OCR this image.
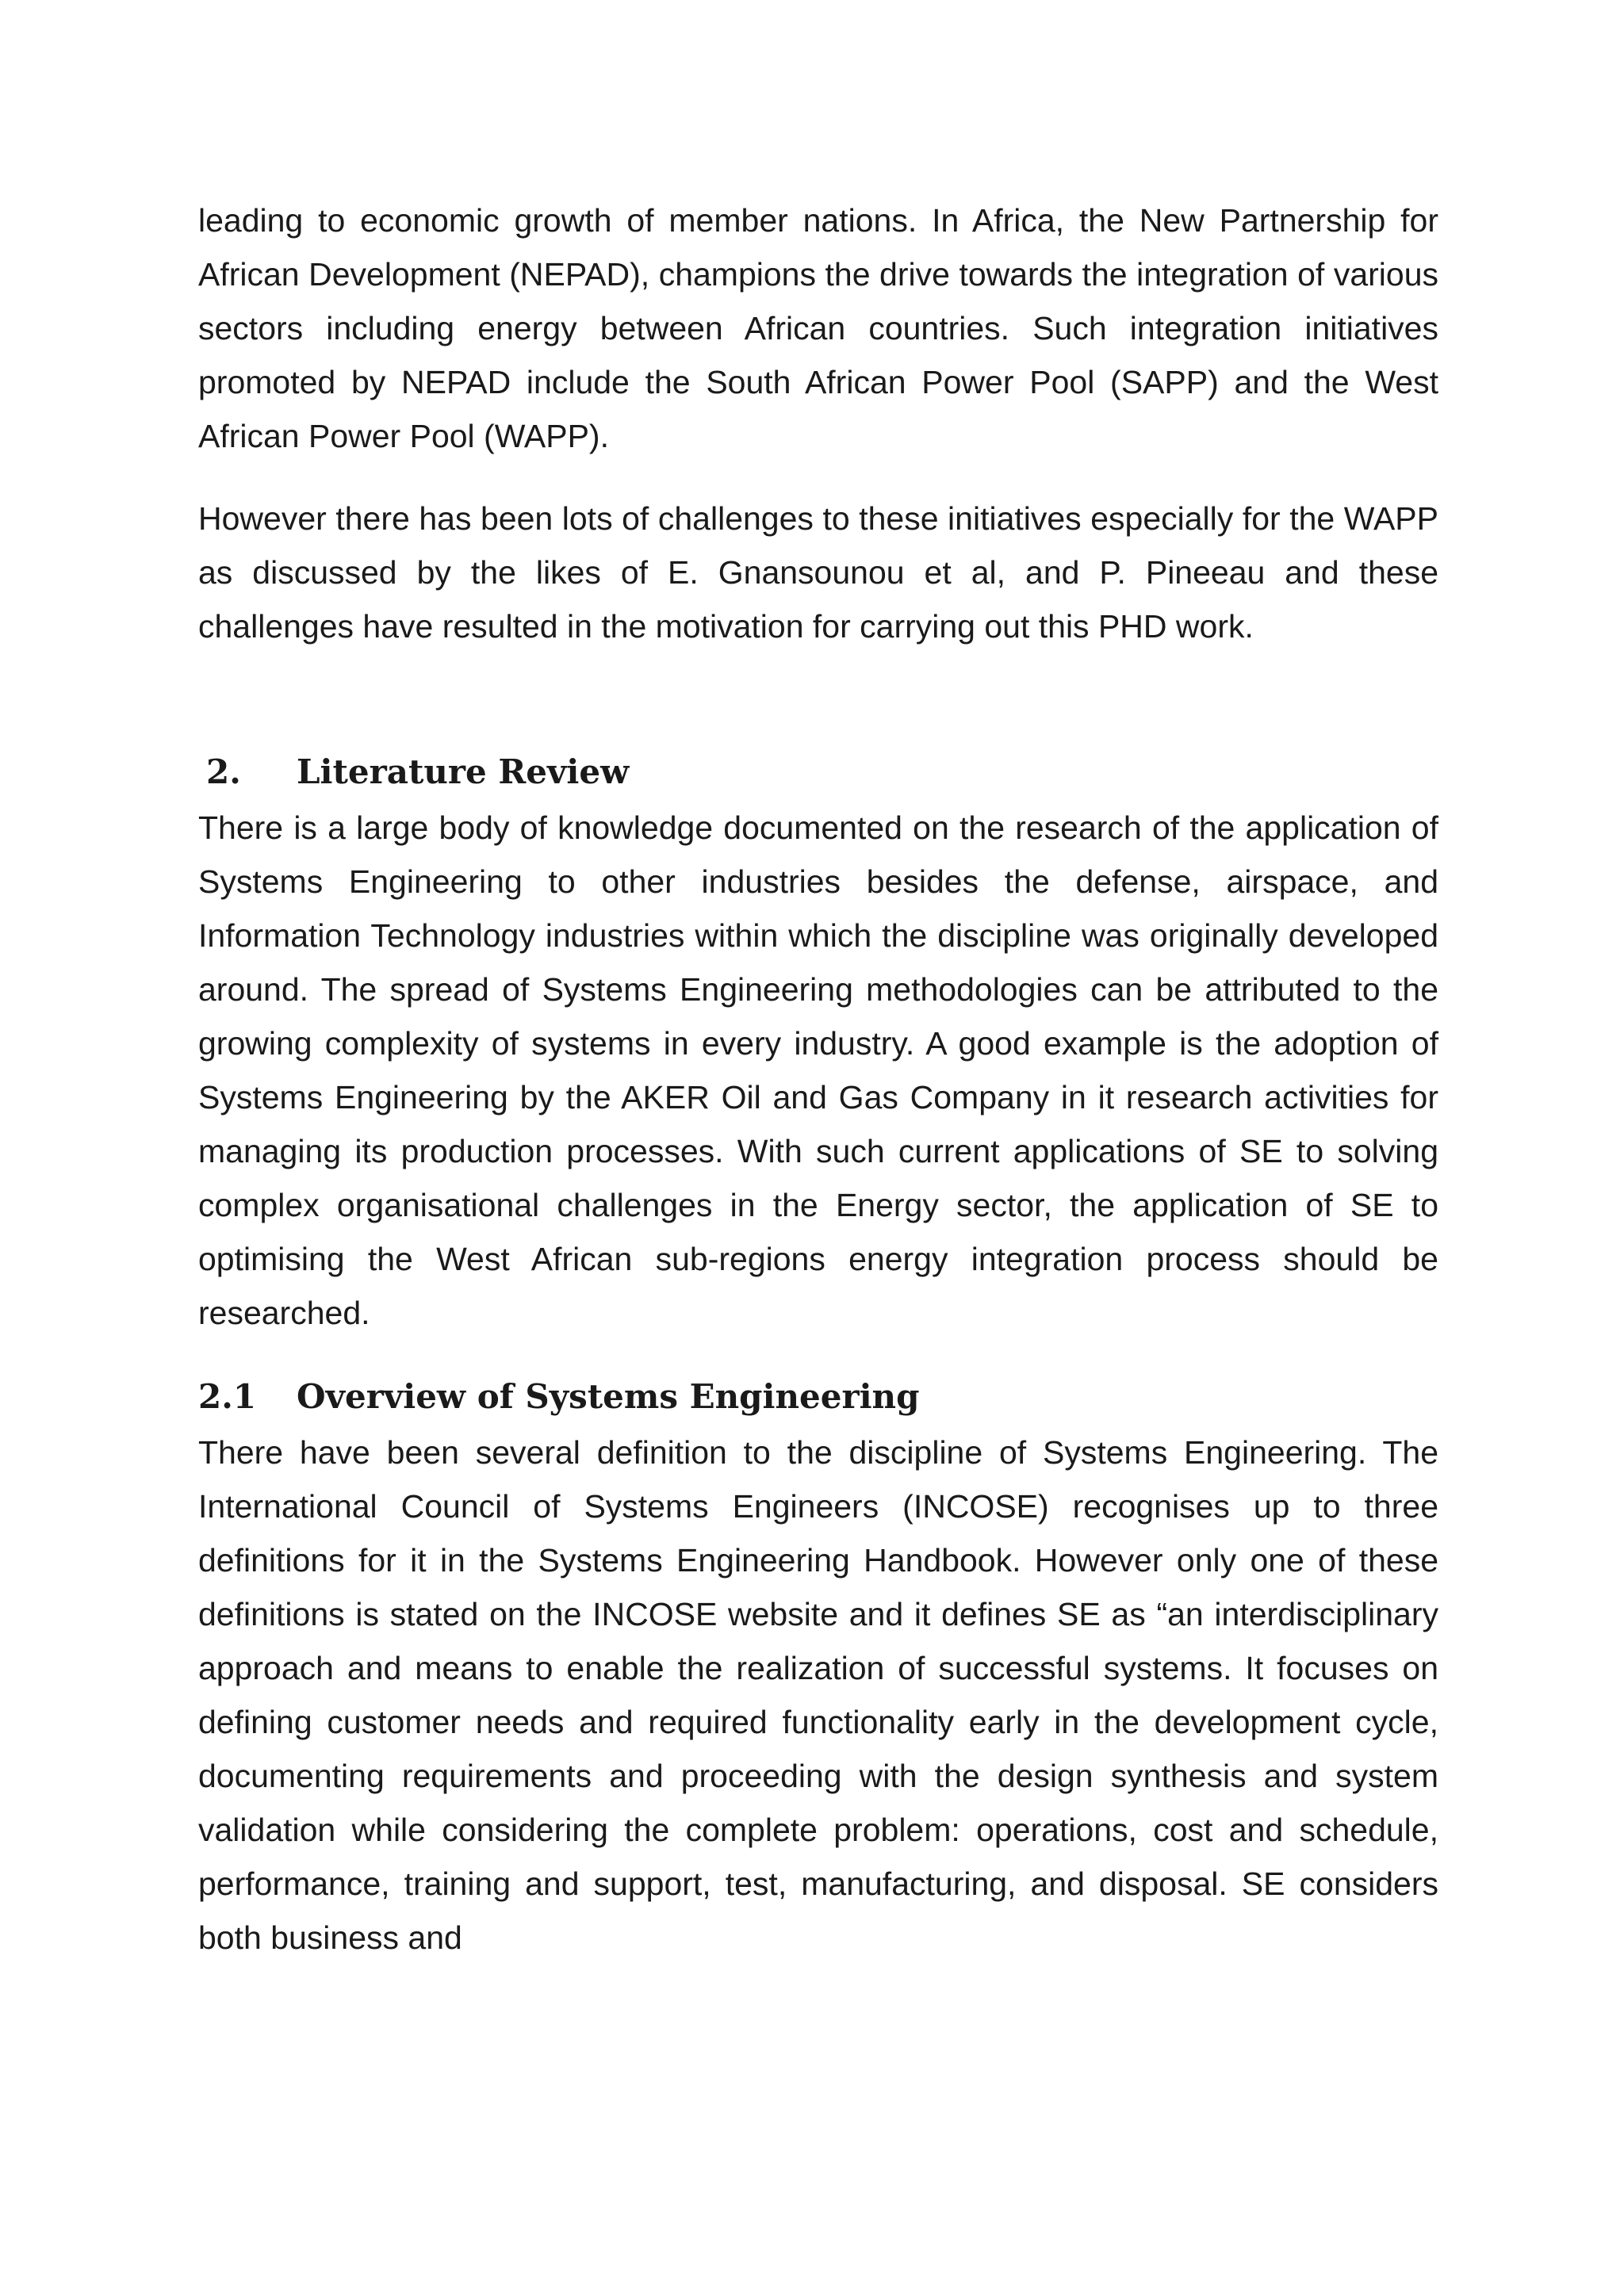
leading to economic growth of member nations. In Africa, the New Partnership for African Development (NEPAD), champions the drive towards the integration of various sectors including energy between African countries. Such integration initiatives promoted by NEPAD include the South African Power Pool (SAPP) and the West African Power Pool (WAPP).

However there has been lots of challenges to these initiatives especially for the WAPP as discussed by the likes of E. Gnansounou et al, and P. Pineeau and these challenges have resulted in the motivation for carrying out this PHD work.

2.	Literature Review

There is a large body of knowledge documented on the research of the application of Systems Engineering to other industries besides the defense, airspace, and Information Technology industries within which the discipline was originally developed around. The spread of Systems Engineering methodologies can be attributed to the growing complexity of systems in every industry. A good example is the adoption of Systems Engineering by the AKER Oil and Gas Company in it research activities for managing its production processes. With such current applications of SE to solving complex organisational challenges in the Energy sector, the application of SE to optimising the West African sub-regions energy integration process should be researched.

2.1	Overview of Systems Engineering

There have been several definition to the discipline of Systems Engineering. The International Council of Systems Engineers (INCOSE) recognises up to three definitions for it in the Systems Engineering Handbook. However only one of these definitions is stated on the INCOSE website and it defines SE as “an interdisciplinary approach and means to enable the realization of successful systems. It focuses on defining customer needs and required functionality early in the development cycle, documenting requirements and proceeding with the design synthesis and system validation while considering the complete problem: operations, cost and schedule, performance, training and support, test, manufacturing, and disposal. SE considers both business and
